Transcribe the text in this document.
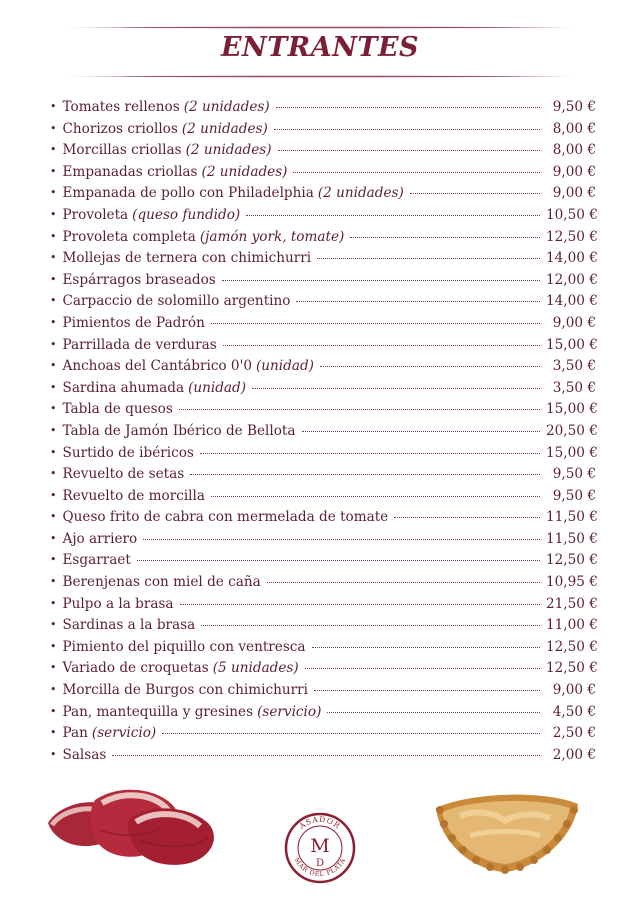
ENTRANTES
• Tomates rellenos (2 unidades)	9,50 €
• Chorizos criollos (2 unidades)	8,00 €
• Morcillas criollas (2 unidades)	8,00 €
• Empanadas criollas (2 unidades)	9,00 €
• Empanada de pollo con Philadelphia (2 unidades)	9,00 €
• Provoleta (queso fundido)	10,50 €
• Provoleta completa (jamón york, tomate)	12,50 €
• Mollejas de ternera con chimichurri	14,00 €
• Espárragos braseados	12,00 €
• Carpaccio de solomillo argentino	14,00 €
• Pimientos de Padrón	9,00 €
• Parrillada de verduras	15,00 €
• Anchoas del Cantábrico 0'0 (unidad)	3,50 €
• Sardina ahumada (unidad)	3,50 €
• Tabla de quesos	15,00 €
• Tabla de Jamón Ibérico de Bellota	20,50 €
• Surtido de ibéricos	15,00 €
• Revuelto de setas	9,50 €
• Revuelto de morcilla	9,50 €
• Queso frito de cabra con mermelada de tomate	11,50 €
• Ajo arriero	11,50 €
• Esgarraet	12,50 €
• Berenjenas con miel de caña	10,95 €
• Pulpo a la brasa	21,50 €
• Sardinas a la brasa	11,00 €
• Pimiento del piquillo con ventresca	12,50 €
• Variado de croquetas (5 unidades)	12,50 €
• Morcilla de Burgos con chimichurri	9,00 €
• Pan, mantequilla y gresines (servicio)	4,50 €
• Pan (servicio)	2,50 €
• Salsas	2,00 €
ASADOR
MAR DEL PLATA
M
D
